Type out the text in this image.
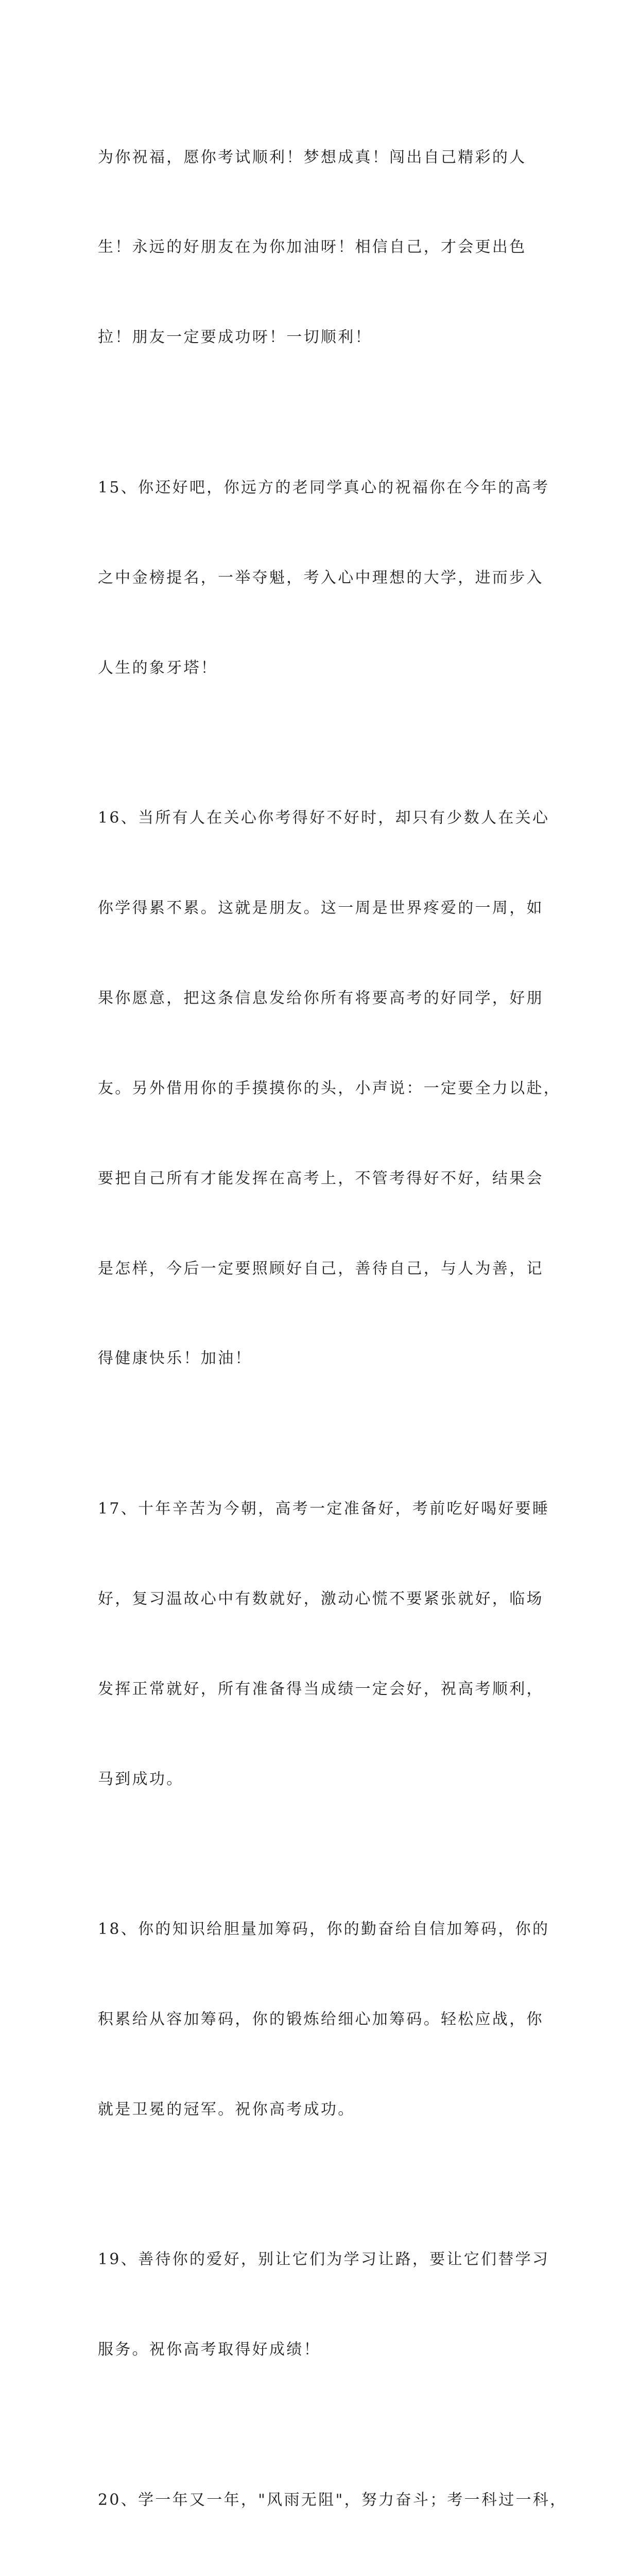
为你祝福，愿你考试顺利！梦想成真！闯出自己精彩的人

生！永远的好朋友在为你加油呀！相信自己，才会更出色

拉！朋友一定要成功呀！一切顺利！

15、你还好吧，你远方的老同学真心的祝福你在今年的高考

之中金榜提名，一举夺魁，考入心中理想的大学，进而步入

人生的象牙塔！

16、当所有人在关心你考得好不好时，却只有少数人在关心

你学得累不累。这就是朋友。这一周是世界疼爱的一周，如

果你愿意，把这条信息发给你所有将要高考的好同学，好朋

友。另外借用你的手摸摸你的头，小声说：一定要全力以赴，

要把自己所有才能发挥在高考上，不管考得好不好，结果会

是怎样，今后一定要照顾好自己，善待自己，与人为善，记

得健康快乐！加油！

17、十年辛苦为今朝，高考一定准备好，考前吃好喝好要睡

好，复习温故心中有数就好，激动心慌不要紧张就好，临场

发挥正常就好，所有准备得当成绩一定会好，祝高考顺利，

马到成功。

18、你的知识给胆量加筹码，你的勤奋给自信加筹码，你的

积累给从容加筹码，你的锻炼给细心加筹码。轻松应战，你

就是卫冕的冠军。祝你高考成功。

19、善待你的爱好，别让它们为学习让路，要让它们替学习

服务。祝你高考取得好成绩！

20、学一年又一年，"风雨无阻"，努力奋斗；考一科过一科，
